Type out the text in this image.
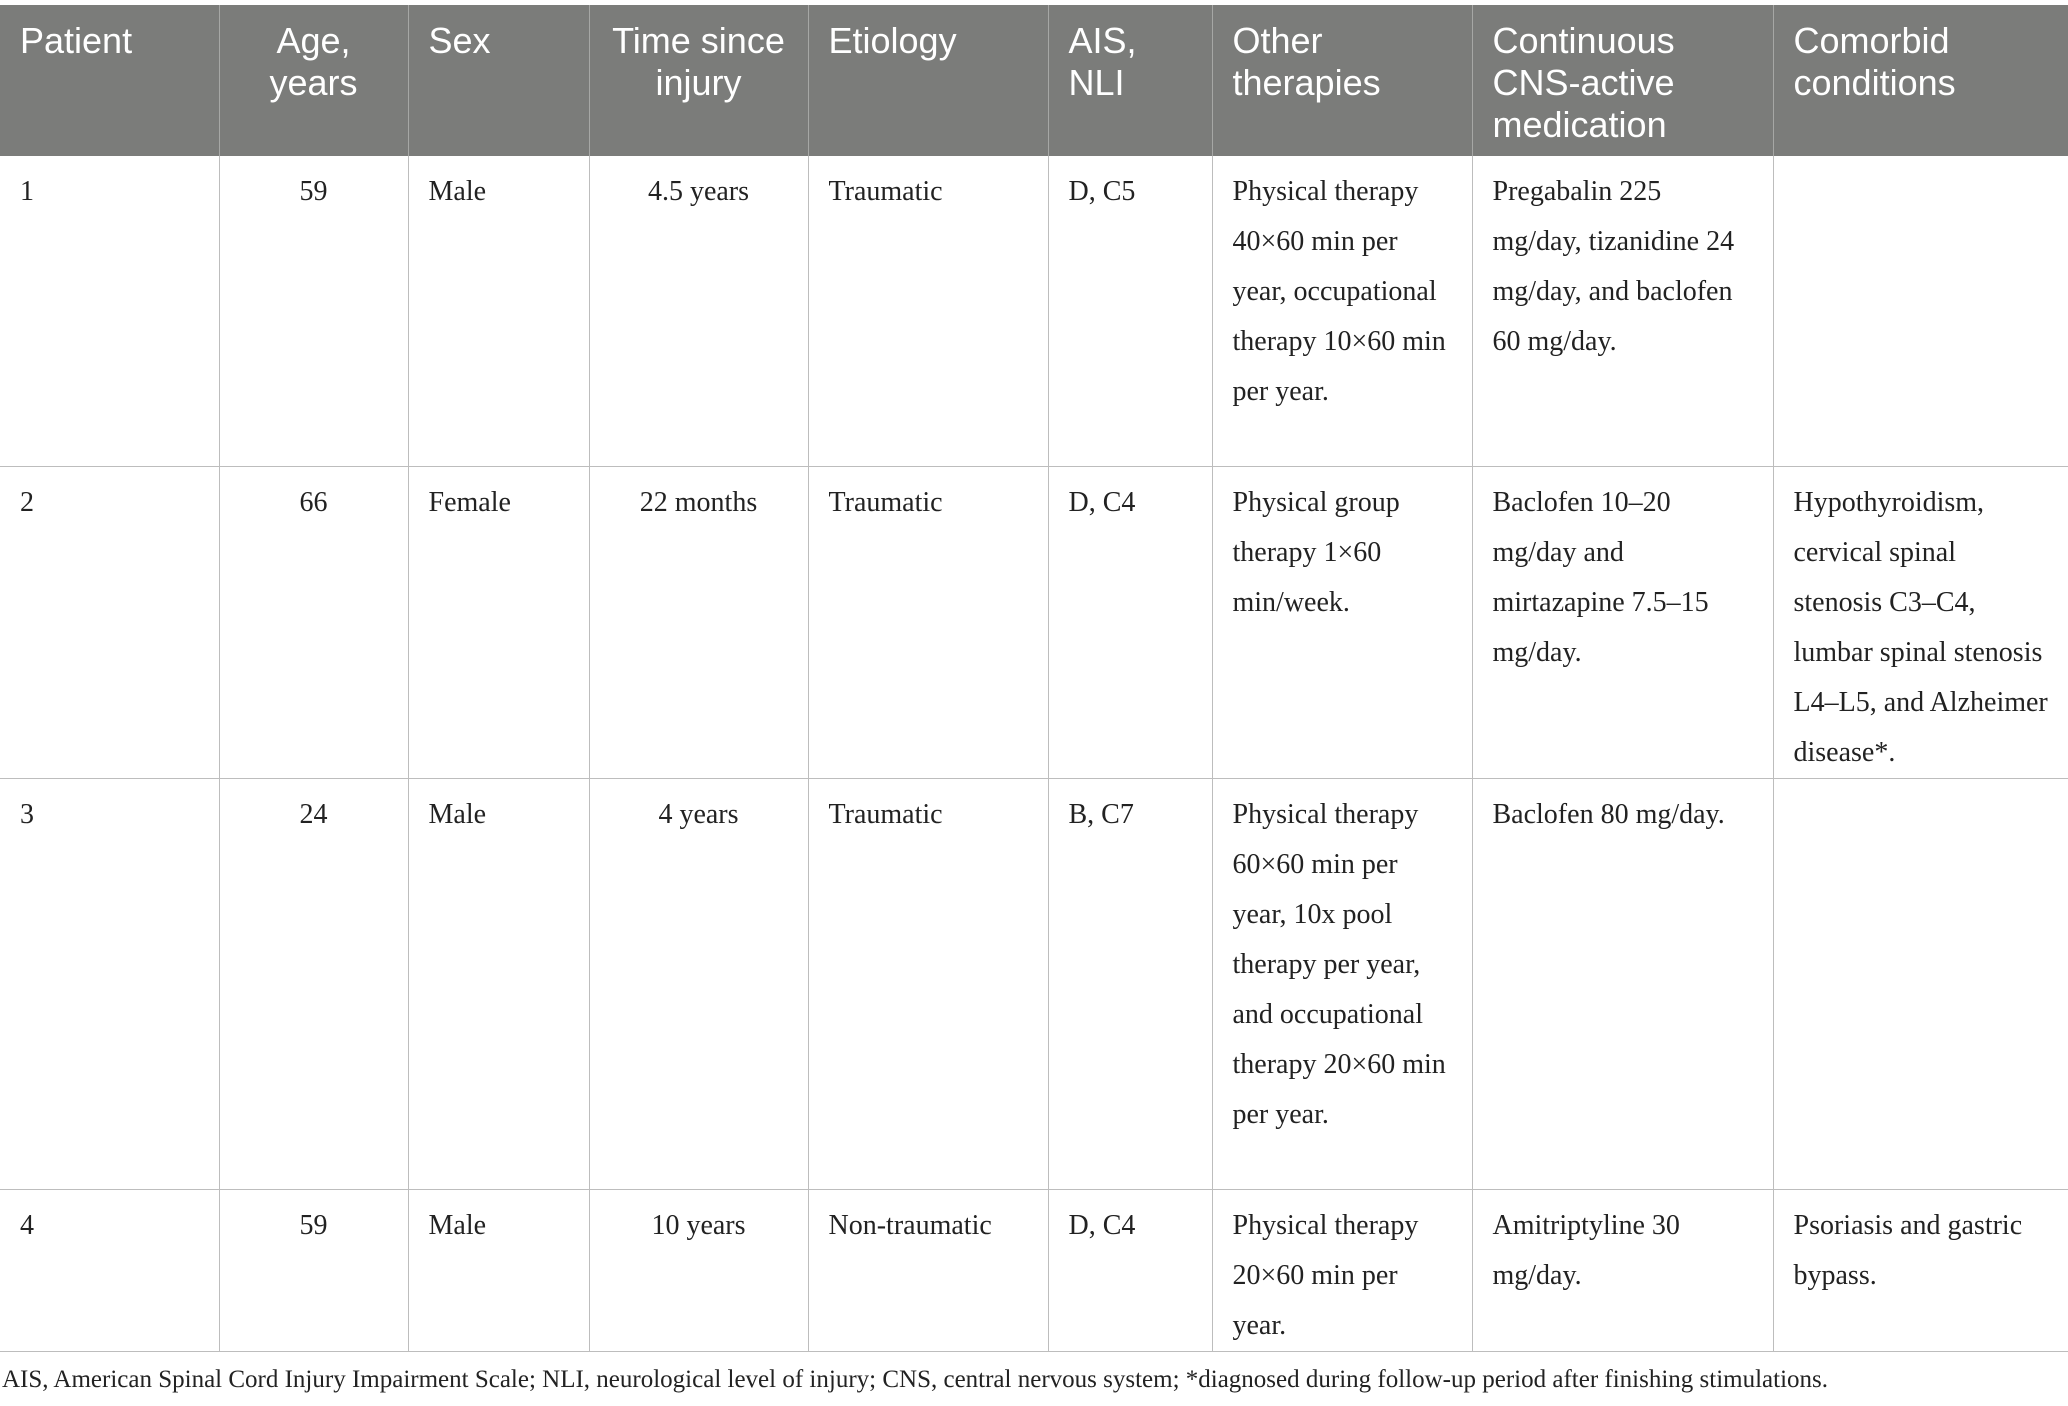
Patient	Age, years	Sex	Time since injury	Etiology	AIS, NLI	Other therapies	Continuous CNS-active medication	Comorbid conditions
1	59	Male	4.5 years	Traumatic	D, C5	Physical therapy 40×60 min per year, occupational therapy 10×60 min per year.	Pregabalin 225 mg/day, tizanidine 24 mg/day, and baclofen 60 mg/day.	
2	66	Female	22 months	Traumatic	D, C4	Physical group therapy 1×60 min/week.	Baclofen 10–20 mg/day and mirtazapine 7.5–15 mg/day.	Hypothyroidism, cervical spinal stenosis C3–C4, lumbar spinal stenosis L4–L5, and Alzheimer disease*.
3	24	Male	4 years	Traumatic	B, C7	Physical therapy 60×60 min per year, 10x pool therapy per year, and occupational therapy 20×60 min per year.	Baclofen 80 mg/day.	
4	59	Male	10 years	Non-traumatic	D, C4	Physical therapy 20×60 min per year.	Amitriptyline 30 mg/day.	Psoriasis and gastric bypass.
AIS, American Spinal Cord Injury Impairment Scale; NLI, neurological level of injury; CNS, central nervous system; *diagnosed during follow-up period after finishing stimulations.
